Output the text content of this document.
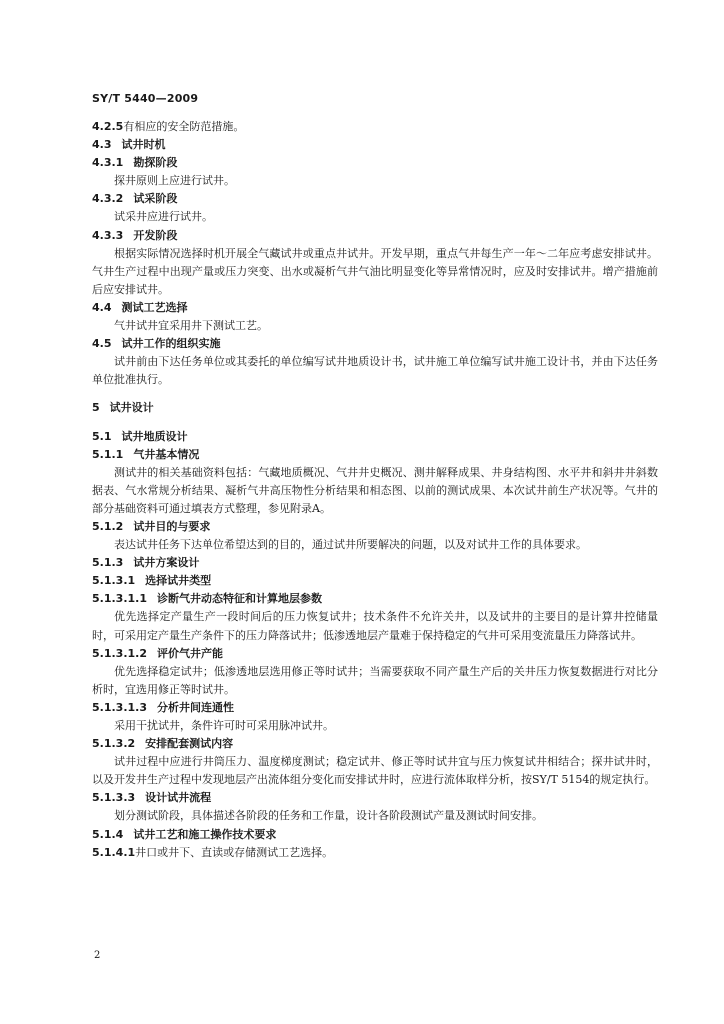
SY/T 5440—2009
4.2.5有相应的安全防范措施。
4.3 试井时机
4.3.1 勘探阶段
探井原则上应进行试井。
4.3.2 试采阶段
试采井应进行试井。
4.3.3 开发阶段
根据实际情况选择时机开展全气藏试井或重点井试井。开发早期，重点气井每生产一年～二年应考虑安排试井。气井生产过程中出现产量或压力突变、出水或凝析气井气油比明显变化等异常情况时，应及时安排试井。增产措施前后应安排试井。
4.4 测试工艺选择
气井试井宜采用井下测试工艺。
4.5 试井工作的组织实施
试井前由下达任务单位或其委托的单位编写试井地质设计书，试井施工单位编写试井施工设计书，并由下达任务单位批准执行。
5 试井设计
5.1 试井地质设计
5.1.1 气井基本情况
测试井的相关基础资料包括：气藏地质概况、气井井史概况、测井解释成果、井身结构图、水平井和斜井井斜数据表、气水常规分析结果、凝析气井高压物性分析结果和相态图、以前的测试成果、本次试井前生产状况等。气井的部分基础资料可通过填表方式整理，参见附录A。
5.1.2 试井目的与要求
表达试井任务下达单位希望达到的目的，通过试井所要解决的问题，以及对试井工作的具体要求。
5.1.3 试井方案设计
5.1.3.1 选择试井类型
5.1.3.1.1 诊断气井动态特征和计算地层参数
优先选择定产量生产一段时间后的压力恢复试井；技术条件不允许关井，以及试井的主要目的是计算井控储量时，可采用定产量生产条件下的压力降落试井；低渗透地层产量难于保持稳定的气井可采用变流量压力降落试井。
5.1.3.1.2 评价气井产能
优先选择稳定试井；低渗透地层选用修正等时试井；当需要获取不同产量生产后的关井压力恢复数据进行对比分析时，宜选用修正等时试井。
5.1.3.1.3 分析井间连通性
采用干扰试井，条件许可时可采用脉冲试井。
5.1.3.2 安排配套测试内容
试井过程中应进行井筒压力、温度梯度测试；稳定试井、修正等时试井宜与压力恢复试井相结合；探井试井时，以及开发井生产过程中发现地层产出流体组分变化而安排试井时，应进行流体取样分析，按SY/T 5154的规定执行。
5.1.3.3 设计试井流程
划分测试阶段，具体描述各阶段的任务和工作量，设计各阶段测试产量及测试时间安排。
5.1.4 试井工艺和施工操作技术要求
5.1.4.1井口或井下、直读或存储测试工艺选择。
2
